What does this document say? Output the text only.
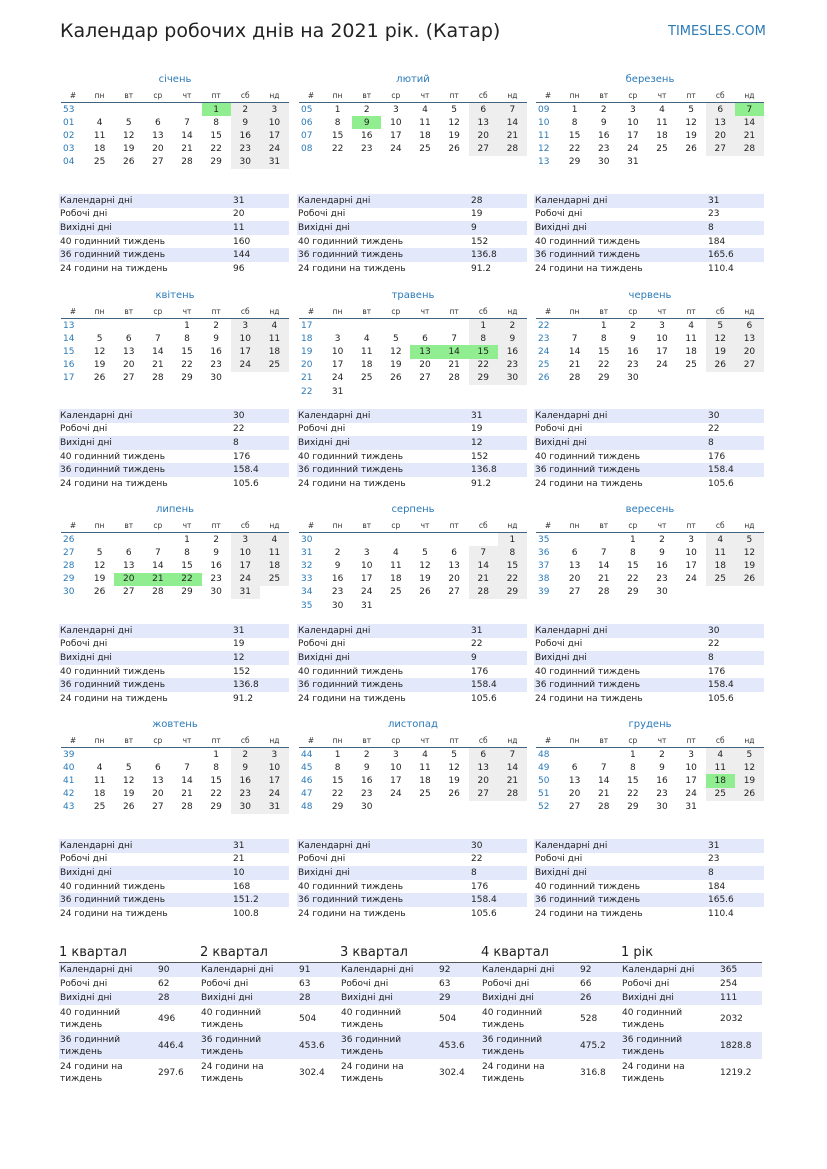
Календар робочих днів на 2021 рік. (Катар)	TIMESLES.COM
січень
#	пн	вт	ср	чт	пт	сб	нд
53					1	2	3
01	4	5	6	7	8	9	10
02	11	12	13	14	15	16	17
03	18	19	20	21	22	23	24
04	25	26	27	28	29	30	31
Календарні дні	31
Робочі дні	20
Вихідні дні	11
40 годинний тиждень	160
36 годинний тиждень	144
24 години на тиждень	96
лютий
#	пн	вт	ср	чт	пт	сб	нд
05	1	2	3	4	5	6	7
06	8	9	10	11	12	13	14
07	15	16	17	18	19	20	21
08	22	23	24	25	26	27	28
Календарні дні	28
Робочі дні	19
Вихідні дні	9
40 годинний тиждень	152
36 годинний тиждень	136.8
24 години на тиждень	91.2
березень
#	пн	вт	ср	чт	пт	сб	нд
09	1	2	3	4	5	6	7
10	8	9	10	11	12	13	14
11	15	16	17	18	19	20	21
12	22	23	24	25	26	27	28
13	29	30	31				
Календарні дні	31
Робочі дні	23
Вихідні дні	8
40 годинний тиждень	184
36 годинний тиждень	165.6
24 години на тиждень	110.4
квітень
#	пн	вт	ср	чт	пт	сб	нд
13				1	2	3	4
14	5	6	7	8	9	10	11
15	12	13	14	15	16	17	18
16	19	20	21	22	23	24	25
17	26	27	28	29	30		
Календарні дні	30
Робочі дні	22
Вихідні дні	8
40 годинний тиждень	176
36 годинний тиждень	158.4
24 години на тиждень	105.6
травень
#	пн	вт	ср	чт	пт	сб	нд
17						1	2
18	3	4	5	6	7	8	9
19	10	11	12	13	14	15	16
20	17	18	19	20	21	22	23
21	24	25	26	27	28	29	30
22	31						
Календарні дні	31
Робочі дні	19
Вихідні дні	12
40 годинний тиждень	152
36 годинний тиждень	136.8
24 години на тиждень	91.2
червень
#	пн	вт	ср	чт	пт	сб	нд
22		1	2	3	4	5	6
23	7	8	9	10	11	12	13
24	14	15	16	17	18	19	20
25	21	22	23	24	25	26	27
26	28	29	30				
Календарні дні	30
Робочі дні	22
Вихідні дні	8
40 годинний тиждень	176
36 годинний тиждень	158.4
24 години на тиждень	105.6
липень
#	пн	вт	ср	чт	пт	сб	нд
26				1	2	3	4
27	5	6	7	8	9	10	11
28	12	13	14	15	16	17	18
29	19	20	21	22	23	24	25
30	26	27	28	29	30	31	
Календарні дні	31
Робочі дні	19
Вихідні дні	12
40 годинний тиждень	152
36 годинний тиждень	136.8
24 години на тиждень	91.2
серпень
#	пн	вт	ср	чт	пт	сб	нд
30							1
31	2	3	4	5	6	7	8
32	9	10	11	12	13	14	15
33	16	17	18	19	20	21	22
34	23	24	25	26	27	28	29
35	30	31					
Календарні дні	31
Робочі дні	22
Вихідні дні	9
40 годинний тиждень	176
36 годинний тиждень	158.4
24 години на тиждень	105.6
вересень
#	пн	вт	ср	чт	пт	сб	нд
35			1	2	3	4	5
36	6	7	8	9	10	11	12
37	13	14	15	16	17	18	19
38	20	21	22	23	24	25	26
39	27	28	29	30			
Календарні дні	30
Робочі дні	22
Вихідні дні	8
40 годинний тиждень	176
36 годинний тиждень	158.4
24 години на тиждень	105.6
жовтень
#	пн	вт	ср	чт	пт	сб	нд
39					1	2	3
40	4	5	6	7	8	9	10
41	11	12	13	14	15	16	17
42	18	19	20	21	22	23	24
43	25	26	27	28	29	30	31
Календарні дні	31
Робочі дні	21
Вихідні дні	10
40 годинний тиждень	168
36 годинний тиждень	151.2
24 години на тиждень	100.8
листопад
#	пн	вт	ср	чт	пт	сб	нд
44	1	2	3	4	5	6	7
45	8	9	10	11	12	13	14
46	15	16	17	18	19	20	21
47	22	23	24	25	26	27	28
48	29	30					
Календарні дні	30
Робочі дні	22
Вихідні дні	8
40 годинний тиждень	176
36 годинний тиждень	158.4
24 години на тиждень	105.6
грудень
#	пн	вт	ср	чт	пт	сб	нд
48			1	2	3	4	5
49	6	7	8	9	10	11	12
50	13	14	15	16	17	18	19
51	20	21	22	23	24	25	26
52	27	28	29	30	31		
Календарні дні	31
Робочі дні	23
Вихідні дні	8
40 годинний тиждень	184
36 годинний тиждень	165.6
24 години на тиждень	110.4
1 квартал
Календарні дні	90
Робочі дні	62
Вихідні дні	28
40 годинний тиждень	496
36 годинний тиждень	446.4
24 години на тиждень	297.6
2 квартал
Календарні дні	91
Робочі дні	63
Вихідні дні	28
40 годинний тиждень	504
36 годинний тиждень	453.6
24 години на тиждень	302.4
3 квартал
Календарні дні	92
Робочі дні	63
Вихідні дні	29
40 годинний тиждень	504
36 годинний тиждень	453.6
24 години на тиждень	302.4
4 квартал
Календарні дні	92
Робочі дні	66
Вихідні дні	26
40 годинний тиждень	528
36 годинний тиждень	475.2
24 години на тиждень	316.8
1 рік
Календарні дні	365
Робочі дні	254
Вихідні дні	111
40 годинний тиждень	2032
36 годинний тиждень	1828.8
24 години на тиждень	1219.2
